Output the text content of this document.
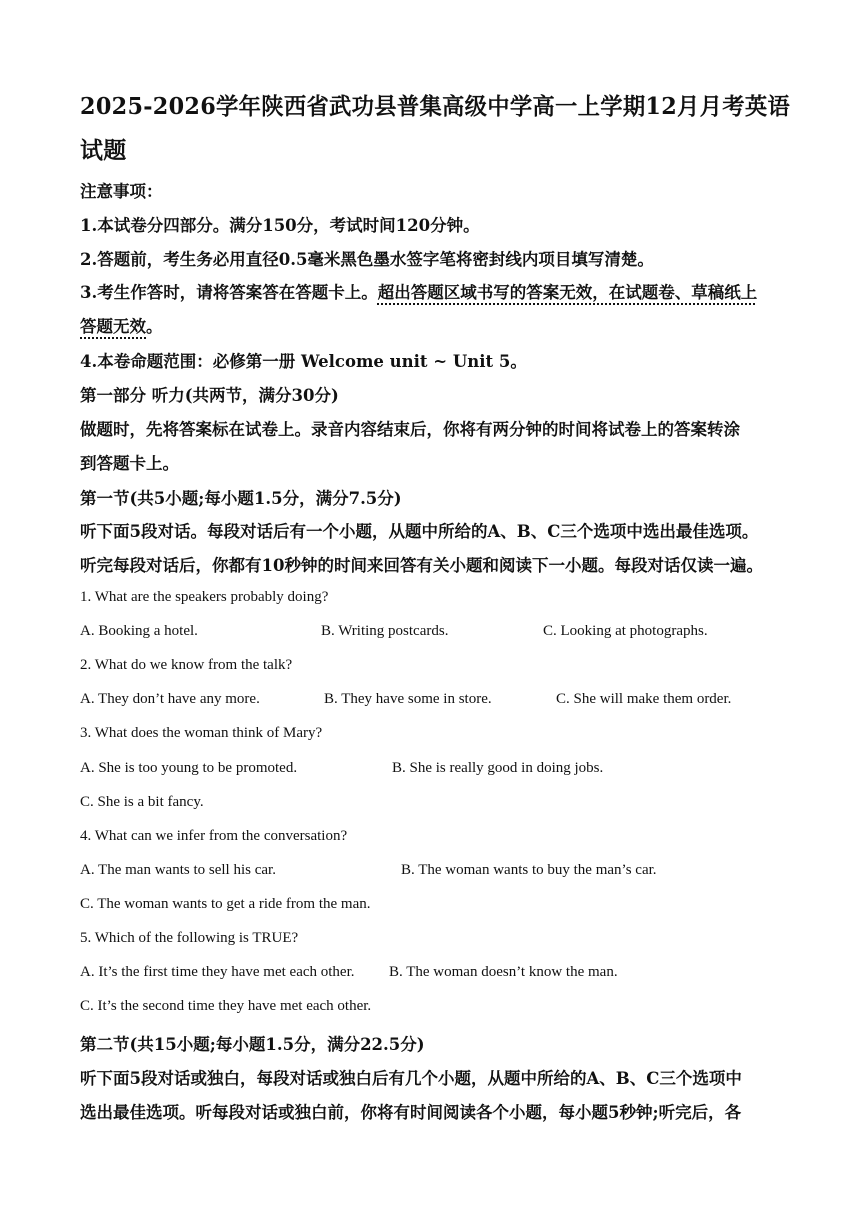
2025-2026学年陕西省武功县普集高级中学高一上学期12月月考英语
试题
注意事项：
1.本试卷分四部分。满分150分，考试时间120分钟。
2.答题前，考生务必用直径0.5毫米黑色墨水签字笔将密封线内项目填写清楚。
3.考生作答时，请将答案答在答题卡上。超出答题区域书写的答案无效，在试题卷、草稿纸上
答题无效。
4.本卷命题范围：必修第一册 Welcome unit ~ Unit 5。
第一部分 听力(共两节，满分30分)
做题时，先将答案标在试卷上。录音内容结束后，你将有两分钟的时间将试卷上的答案转涂
到答题卡上。
第一节(共5小题;每小题1.5分，满分7.5分)
听下面5段对话。每段对话后有一个小题，从题中所给的A、B、C三个选项中选出最佳选项。
听完每段对话后，你都有10秒钟的时间来回答有关小题和阅读下一小题。每段对话仅读一遍。
1. What are the speakers probably doing?
A. Booking a hotel.	B. Writing postcards.	C. Looking at photographs.
2. What do we know from the talk?
A. They don’t have any more.	B. They have some in store.	C. She will make them order.
3. What does the woman think of Mary?
A. She is too young to be promoted.	B. She is really good in doing jobs.
C. She is a bit fancy.
4. What can we infer from the conversation?
A. The man wants to sell his car.	B. The woman wants to buy the man’s car.
C. The woman wants to get a ride from the man.
5. Which of the following is TRUE?
A. It’s the first time they have met each other. B. The woman doesn’t know the man.
C. It’s the second time they have met each other.
第二节(共15小题;每小题1.5分，满分22.5分)
听下面5段对话或独白，每段对话或独白后有几个小题，从题中所给的A、B、C三个选项中
选出最佳选项。听每段对话或独白前，你将有时间阅读各个小题，每小题5秒钟;听完后，各
